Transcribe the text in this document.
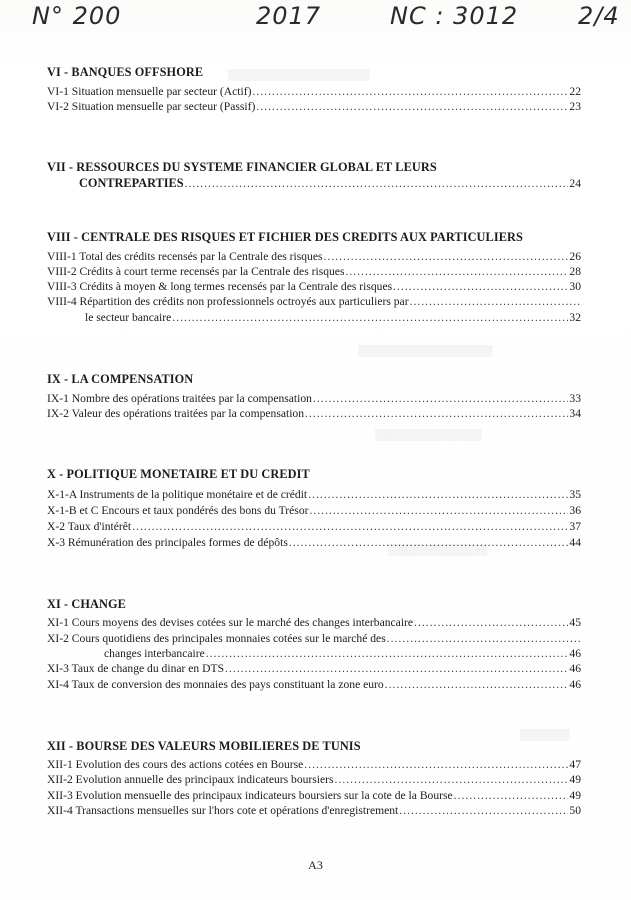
▒▒▒▒▒▒▒▒▒▒▒▒▒▒▒▒▒▒▒▒
▒▒▒▒▒▒▒▒▒▒▒▒▒▒▒▒▒▒▒
▒▒▒▒▒▒▒▒▒▒▒▒▒▒▒
▒▒▒▒▒▒▒▒▒▒▒▒▒▒
▒▒▒▒▒▒▒
N° 200	2017	NC : 3012 2/4
VI - BANQUES OFFSHORE
VI-1 Situation mensuelle par secteur (Actif) .....	22
VI-2 Situation mensuelle par secteur (Passif) .....	23
VII - RESSOURCES DU SYSTEME FINANCIER GLOBAL ET LEURS
CONTREPARTIES .....	24
VIII - CENTRALE DES RISQUES ET FICHIER DES CREDITS AUX PARTICULIERS
VIII-1 Total des crédits recensés par la Centrale des risques .....	26
VIII-2 Crédits à court terme recensés par la Centrale des risques .....	28
VIII-3 Crédits à moyen & long termes recensés par la Centrale des risques .....	30
VIII-4 Répartition des crédits non professionnels octroyés aux particuliers par
.....
le secteur bancaire .....	32
IX - LA COMPENSATION
IX-1 Nombre des opérations traitées par la compensation .....	33
IX-2 Valeur des opérations traitées par la compensation .....	34
X - POLITIQUE MONETAIRE ET DU CREDIT
X-1-A Instruments de la politique monétaire et de crédit .....	35
X-1-B et C Encours et taux pondérés des bons du Trésor .....	36
X-2 Taux d'intérêt .....	37
X-3 Rémunération des principales formes de dépôts .....	44
XI - CHANGE
XI-1 Cours moyens des devises cotées sur le marché des changes interbancaire .....	45
XI-2 Cours quotidiens des principales monnaies cotées sur le marché des
.....
changes interbancaire .....	46
XI-3 Taux de change du dinar en DTS .....	46
XI-4 Taux de conversion des monnaies des pays constituant la zone euro .....	46
XII - BOURSE DES VALEURS MOBILIERES DE TUNIS
XII-1 Evolution des cours des actions cotées en Bourse .....	47
XII-2 Evolution annuelle des principaux indicateurs boursiers .....	49
XII-3 Evolution mensuelle des principaux indicateurs boursiers sur la cote de la Bourse .....	49
XII-4 Transactions mensuelles sur l'hors cote et opérations d'enregistrement .....	50
A3
